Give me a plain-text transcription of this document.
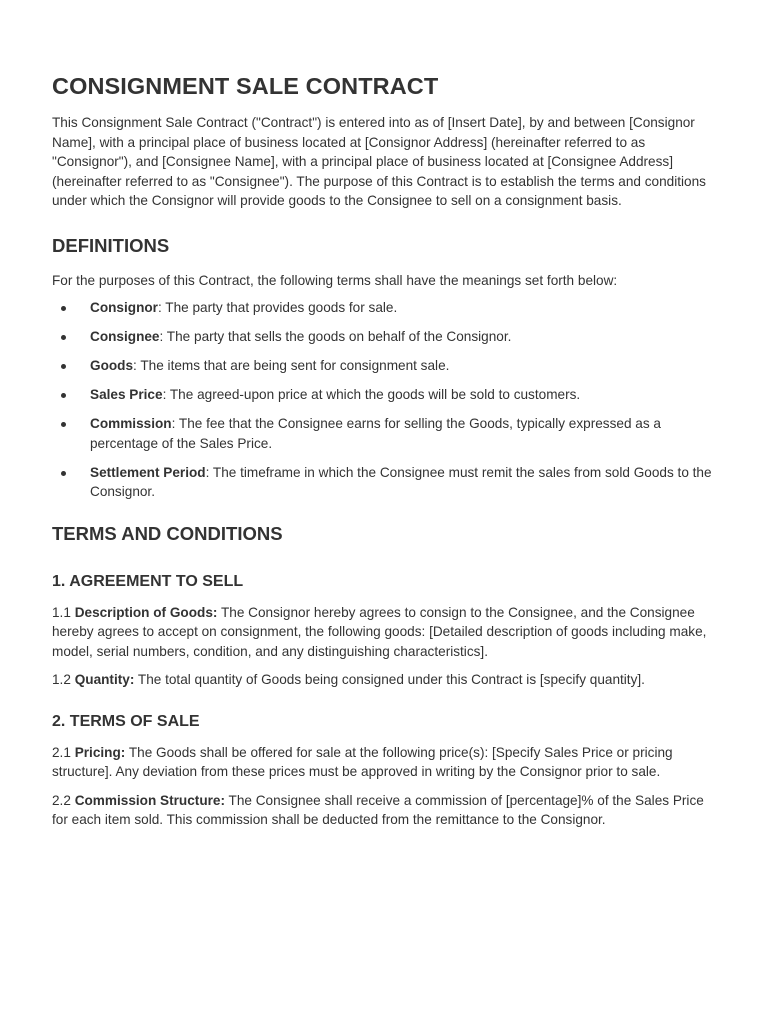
CONSIGNMENT SALE CONTRACT

This Consignment Sale Contract ("Contract") is entered into as of [Insert Date], by and between [Consignor Name], with a principal place of business located at [Consignor Address] (hereinafter referred to as "Consignor"), and [Consignee Name], with a principal place of business located at [Consignee Address] (hereinafter referred to as "Consignee"). The purpose of this Contract is to establish the terms and conditions under which the Consignor will provide goods to the Consignee to sell on a consignment basis.

DEFINITIONS

For the purposes of this Contract, the following terms shall have the meanings set forth below:

Consignor: The party that provides goods for sale.
Consignee: The party that sells the goods on behalf of the Consignor.
Goods: The items that are being sent for consignment sale.
Sales Price: The agreed-upon price at which the goods will be sold to customers.
Commission: The fee that the Consignee earns for selling the Goods, typically expressed as a percentage of the Sales Price.
Settlement Period: The timeframe in which the Consignee must remit the sales from sold Goods to the Consignor.
TERMS AND CONDITIONS
1. AGREEMENT TO SELL

1.1 Description of Goods: The Consignor hereby agrees to consign to the Consignee, and the Consignee hereby agrees to accept on consignment, the following goods: [Detailed description of goods including make, model, serial numbers, condition, and any distinguishing characteristics].

1.2 Quantity: The total quantity of Goods being consigned under this Contract is [specify quantity].

2. TERMS OF SALE

2.1 Pricing: The Goods shall be offered for sale at the following price(s): [Specify Sales Price or pricing structure]. Any deviation from these prices must be approved in writing by the Consignor prior to sale.

2.2 Commission Structure: The Consignee shall receive a commission of [percentage]% of the Sales Price for each item sold. This commission shall be deducted from the remittance to the Consignor.
